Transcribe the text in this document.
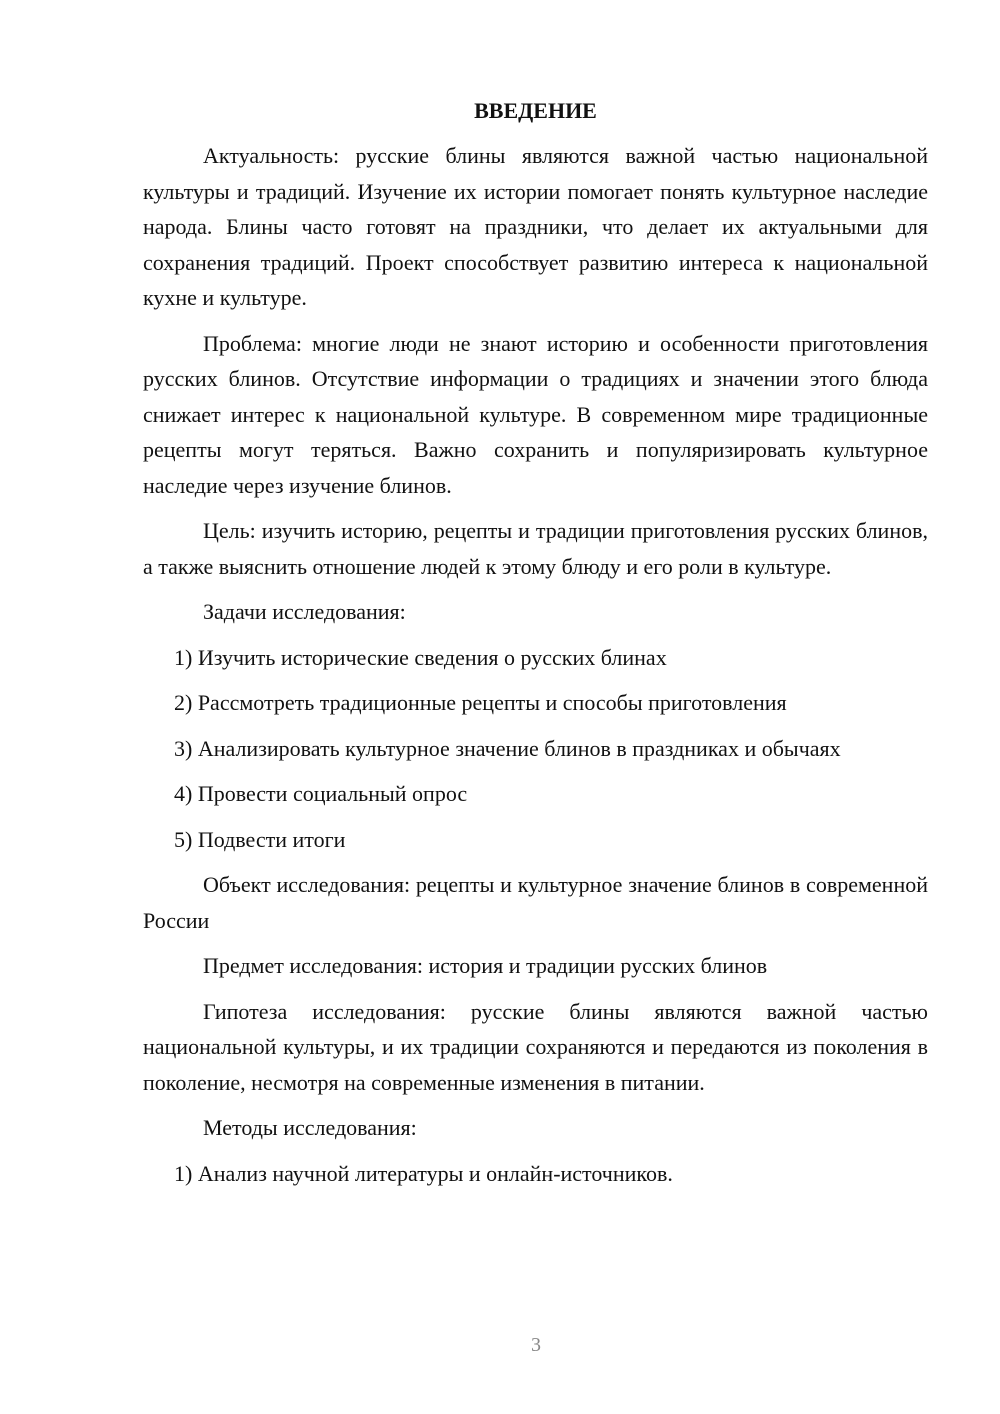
ВВЕДЕНИЕ

Актуальность: русские блины являются важной частью национальной культуры и традиций. Изучение их истории помогает понять культурное наследие народа. Блины часто готовят на праздники, что делает их актуальными для сохранения традиций. Проект способствует развитию интереса к национальной кухне и культуре.

Проблема: многие люди не знают историю и особенности приготовления русских блинов. Отсутствие информации о традициях и значении этого блюда снижает интерес к национальной культуре. В современном мире традиционные рецепты могут теряться. Важно сохранить и популяризировать культурное наследие через изучение блинов.

Цель: изучить историю, рецепты и традиции приготовления русских блинов, а также выяснить отношение людей к этому блюду и его роли в культуре.

Задачи исследования:

1) Изучить исторические сведения о русских блинах

2) Рассмотреть традиционные рецепты и способы приготовления

3) Анализировать культурное значение блинов в праздниках и обычаях

4) Провести социальный опрос

5) Подвести итоги

Объект исследования: рецепты и культурное значение блинов в современной России

Предмет исследования: история и традиции русских блинов

Гипотеза исследования: русские блины являются важной частью национальной культуры, и их традиции сохраняются и передаются из поколения в поколение, несмотря на современные изменения в питании.

Методы исследования:

1) Анализ научной литературы и онлайн-источников.

3
